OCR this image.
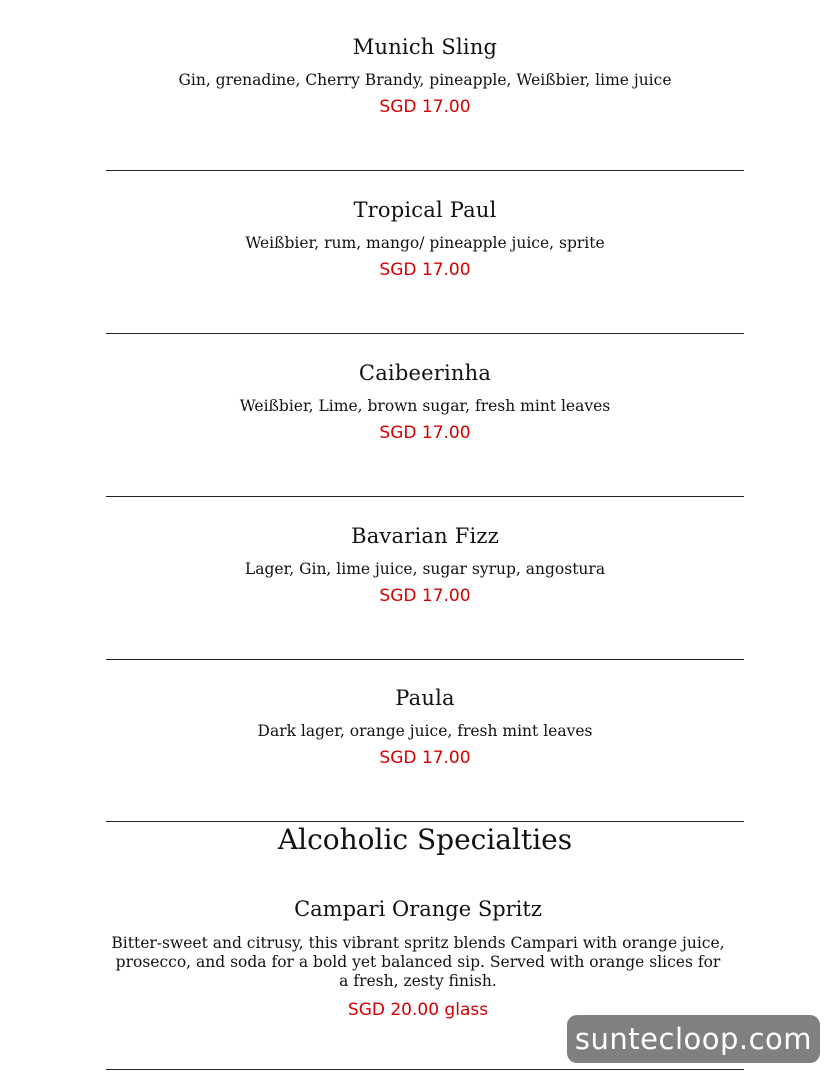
Munich Sling
Gin, grenadine, Cherry Brandy, pineapple, Weißbier, lime juice
SGD 17.00
Tropical Paul
Weißbier, rum, mango/ pineapple juice, sprite
SGD 17.00
Caibeerinha
Weißbier, Lime, brown sugar, fresh mint leaves
SGD 17.00
Bavarian Fizz
Lager, Gin, lime juice, sugar syrup, angostura
SGD 17.00
Paula
Dark lager, orange juice, fresh mint leaves
SGD 17.00
Alcoholic Specialties
Campari Orange Spritz
Bitter-sweet and citrusy, this vibrant spritz blends Campari with orange juice, prosecco, and soda for a bold yet balanced sip. Served with orange slices for a fresh, zesty finish.
SGD 20.00 glass
suntecloop.com
